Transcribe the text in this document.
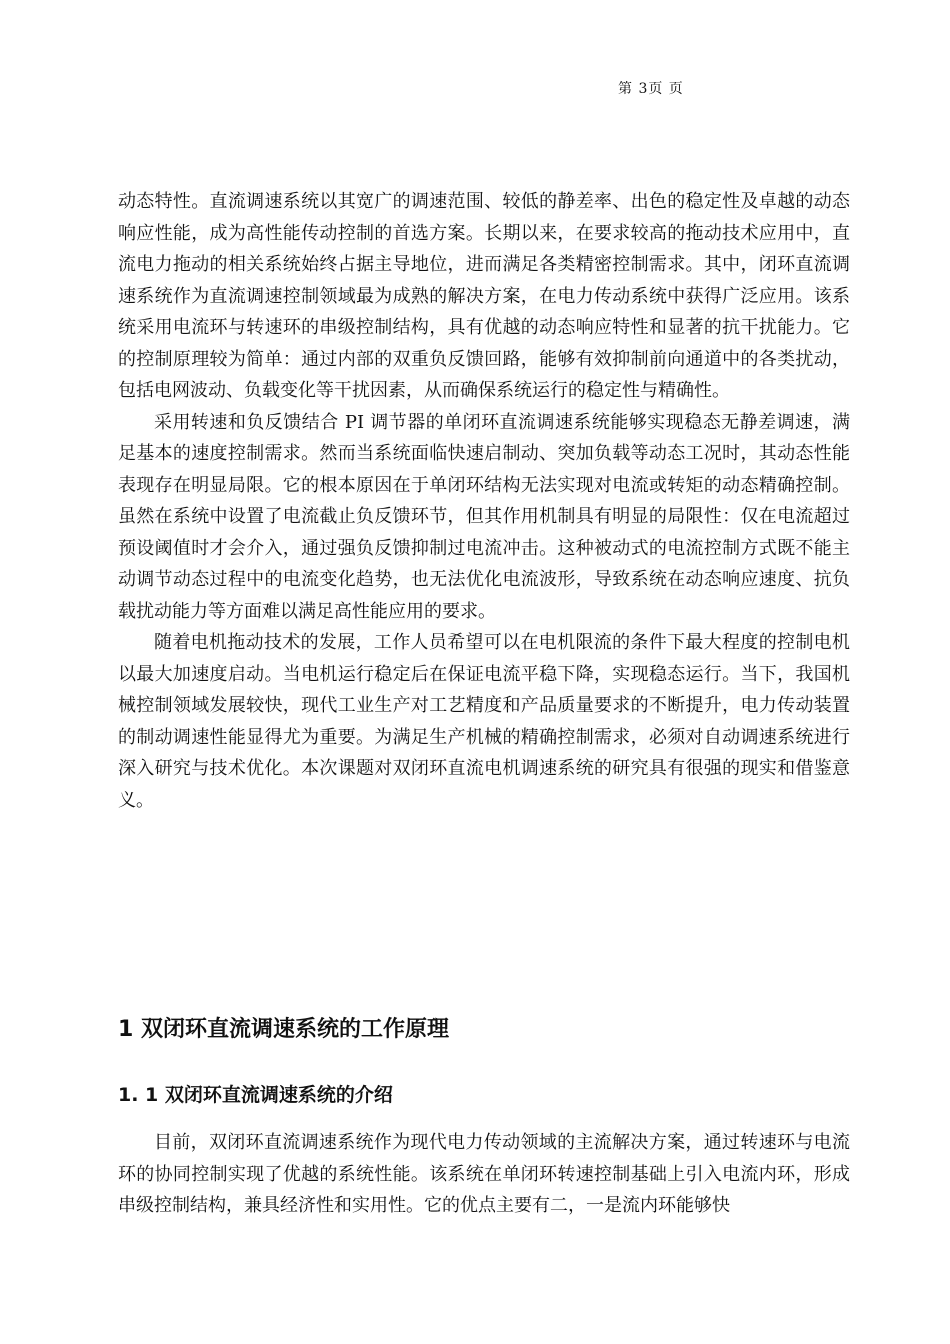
第 3页 页

动态特性。直流调速系统以其宽广的调速范围、较低的静差率、出色的稳定性及卓越的动态响应性能，成为高性能传动控制的首选方案。长期以来，在要求较高的拖动技术应用中，直流电力拖动的相关系统始终占据主导地位，进而满足各类精密控制需求。其中，闭环直流调速系统作为直流调速控制领域最为成熟的解决方案，在电力传动系统中获得广泛应用。该系统采用电流环与转速环的串级控制结构，具有优越的动态响应特性和显著的抗干扰能力。它的控制原理较为简单：通过内部的双重负反馈回路，能够有效抑制前向通道中的各类扰动，包括电网波动、负载变化等干扰因素，从而确保系统运行的稳定性与精确性。

采用转速和负反馈结合 PI 调节器的单闭环直流调速系统能够实现稳态无静差调速，满足基本的速度控制需求。然而当系统面临快速启制动、突加负载等动态工况时，其动态性能表现存在明显局限。它的根本原因在于单闭环结构无法实现对电流或转矩的动态精确控制。虽然在系统中设置了电流截止负反馈环节，但其作用机制具有明显的局限性：仅在电流超过预设阈值时才会介入，通过强负反馈抑制过电流冲击。这种被动式的电流控制方式既不能主动调节动态过程中的电流变化趋势，也无法优化电流波形，导致系统在动态响应速度、抗负载扰动能力等方面难以满足高性能应用的要求。

随着电机拖动技术的发展，工作人员希望可以在电机限流的条件下最大程度的控制电机以最大加速度启动。当电机运行稳定后在保证电流平稳下降，实现稳态运行。当下，我国机械控制领域发展较快，现代工业生产对工艺精度和产品质量要求的不断提升，电力传动装置的制动调速性能显得尤为重要。为满足生产机械的精确控制需求，必须对自动调速系统进行深入研究与技术优化。本次课题对双闭环直流电机调速系统的研究具有很强的现实和借鉴意义。

1 双闭环直流调速系统的工作原理
1. 1 双闭环直流调速系统的介绍

目前，双闭环直流调速系统作为现代电力传动领域的主流解决方案，通过转速环与电流环的协同控制实现了优越的系统性能。该系统在单闭环转速控制基础上引入电流内环，形成串级控制结构，兼具经济性和实用性。它的优点主要有二，一是流内环能够快
